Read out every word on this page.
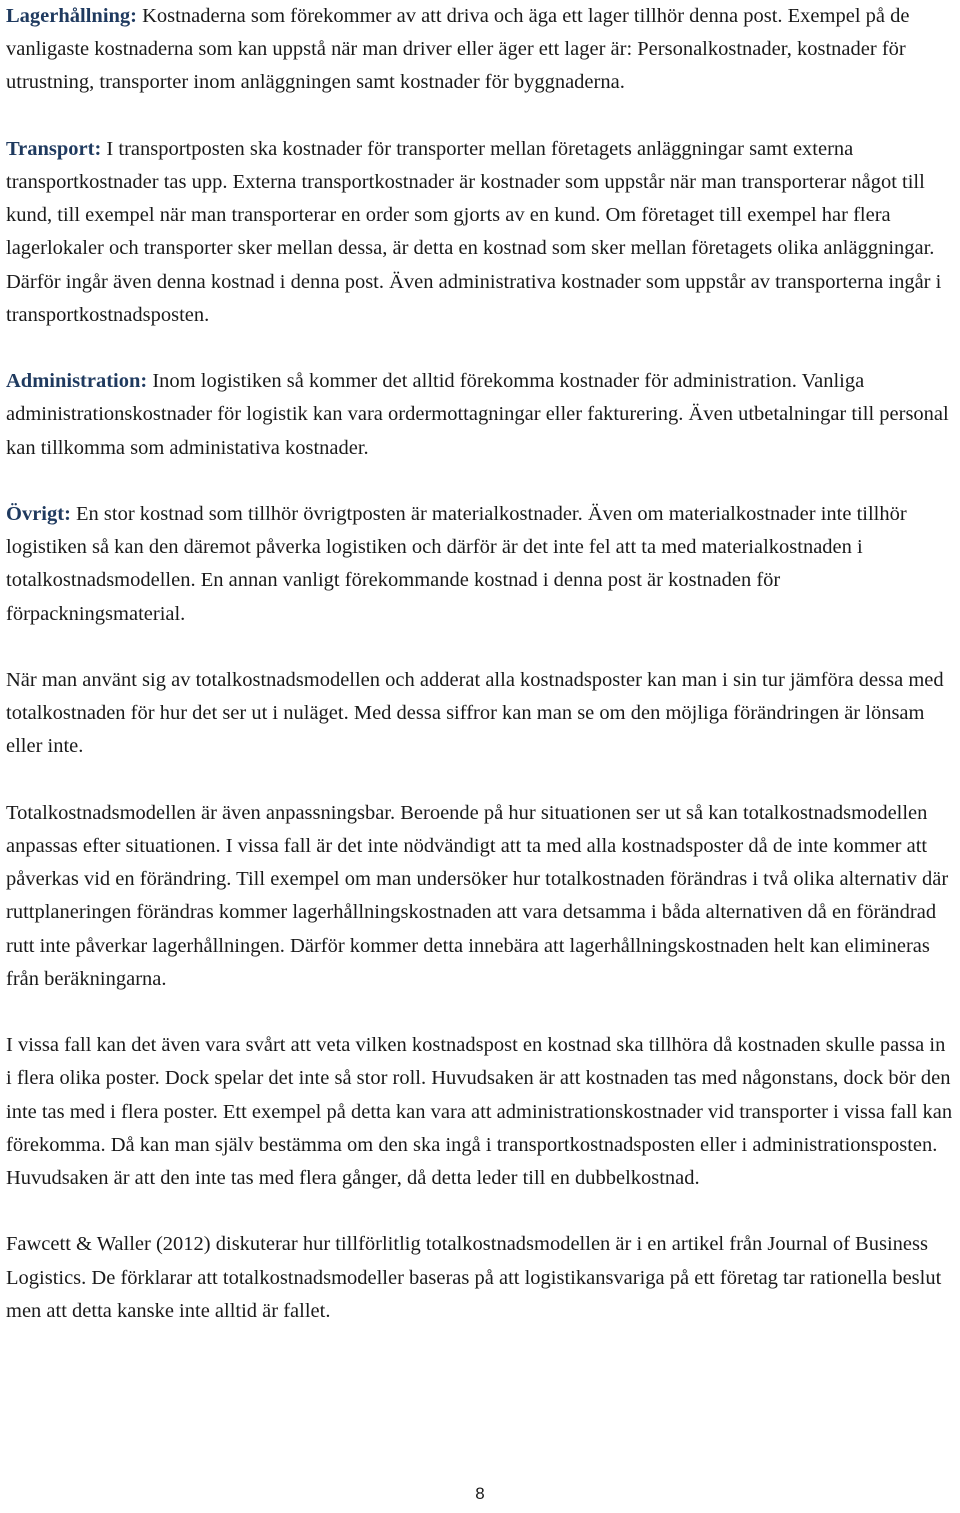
Lagerhållning: Kostnaderna som förekommer av att driva och äga ett lager tillhör denna post. Exempel på de vanligaste kostnaderna som kan uppstå när man driver eller äger ett lager är: Personalkostnader, kostnader för utrustning, transporter inom anläggningen samt kostnader för byggnaderna.

Transport: I transportposten ska kostnader för transporter mellan företagets anläggningar samt externa transportkostnader tas upp. Externa transportkostnader är kostnader som uppstår när man transporterar något till kund, till exempel när man transporterar en order som gjorts av en kund. Om företaget till exempel har flera lagerlokaler och transporter sker mellan dessa, är detta en kostnad som sker mellan företagets olika anläggningar. Därför ingår även denna kostnad i denna post. Även administrativa kostnader som uppstår av transporterna ingår i transportkostnadsposten.

Administration: Inom logistiken så kommer det alltid förekomma kostnader för administration. Vanliga administrationskostnader för logistik kan vara ordermottagningar eller fakturering. Även utbetalningar till personal kan tillkomma som administativa kostnader.

Övrigt: En stor kostnad som tillhör övrigtposten är materialkostnader. Även om materialkostnader inte tillhör logistiken så kan den däremot påverka logistiken och därför är det inte fel att ta med materialkostnaden i totalkostnadsmodellen. En annan vanligt förekommande kostnad i denna post är kostnaden för förpackningsmaterial.

När man använt sig av totalkostnadsmodellen och adderat alla kostnadsposter kan man i sin tur jämföra dessa med totalkostnaden för hur det ser ut i nuläget. Med dessa siffror kan man se om den möjliga förändringen är lönsam eller inte.

Totalkostnadsmodellen är även anpassningsbar. Beroende på hur situationen ser ut så kan totalkostnadsmodellen anpassas efter situationen. I vissa fall är det inte nödvändigt att ta med alla kostnadsposter då de inte kommer att påverkas vid en förändring. Till exempel om man undersöker hur totalkostnaden förändras i två olika alternativ där ruttplaneringen förändras kommer lagerhållningskostnaden att vara detsamma i båda alternativen då en förändrad rutt inte påverkar lagerhållningen. Därför kommer detta innebära att lagerhållningskostnaden helt kan elimineras från beräkningarna.

I vissa fall kan det även vara svårt att veta vilken kostnadspost en kostnad ska tillhöra då kostnaden skulle passa in i flera olika poster. Dock spelar det inte så stor roll. Huvudsaken är att kostnaden tas med någonstans, dock bör den inte tas med i flera poster. Ett exempel på detta kan vara att administrationskostnader vid transporter i vissa fall kan förekomma. Då kan man själv bestämma om den ska ingå i transportkostnadsposten eller i administrationsposten. Huvudsaken är att den inte tas med flera gånger, då detta leder till en dubbelkostnad.

Fawcett & Waller (2012) diskuterar hur tillförlitlig totalkostnadsmodellen är i en artikel från Journal of Business Logistics. De förklarar att totalkostnadsmodeller baseras på att logistikansvariga på ett företag tar rationella beslut men att detta kanske inte alltid är fallet.

8
